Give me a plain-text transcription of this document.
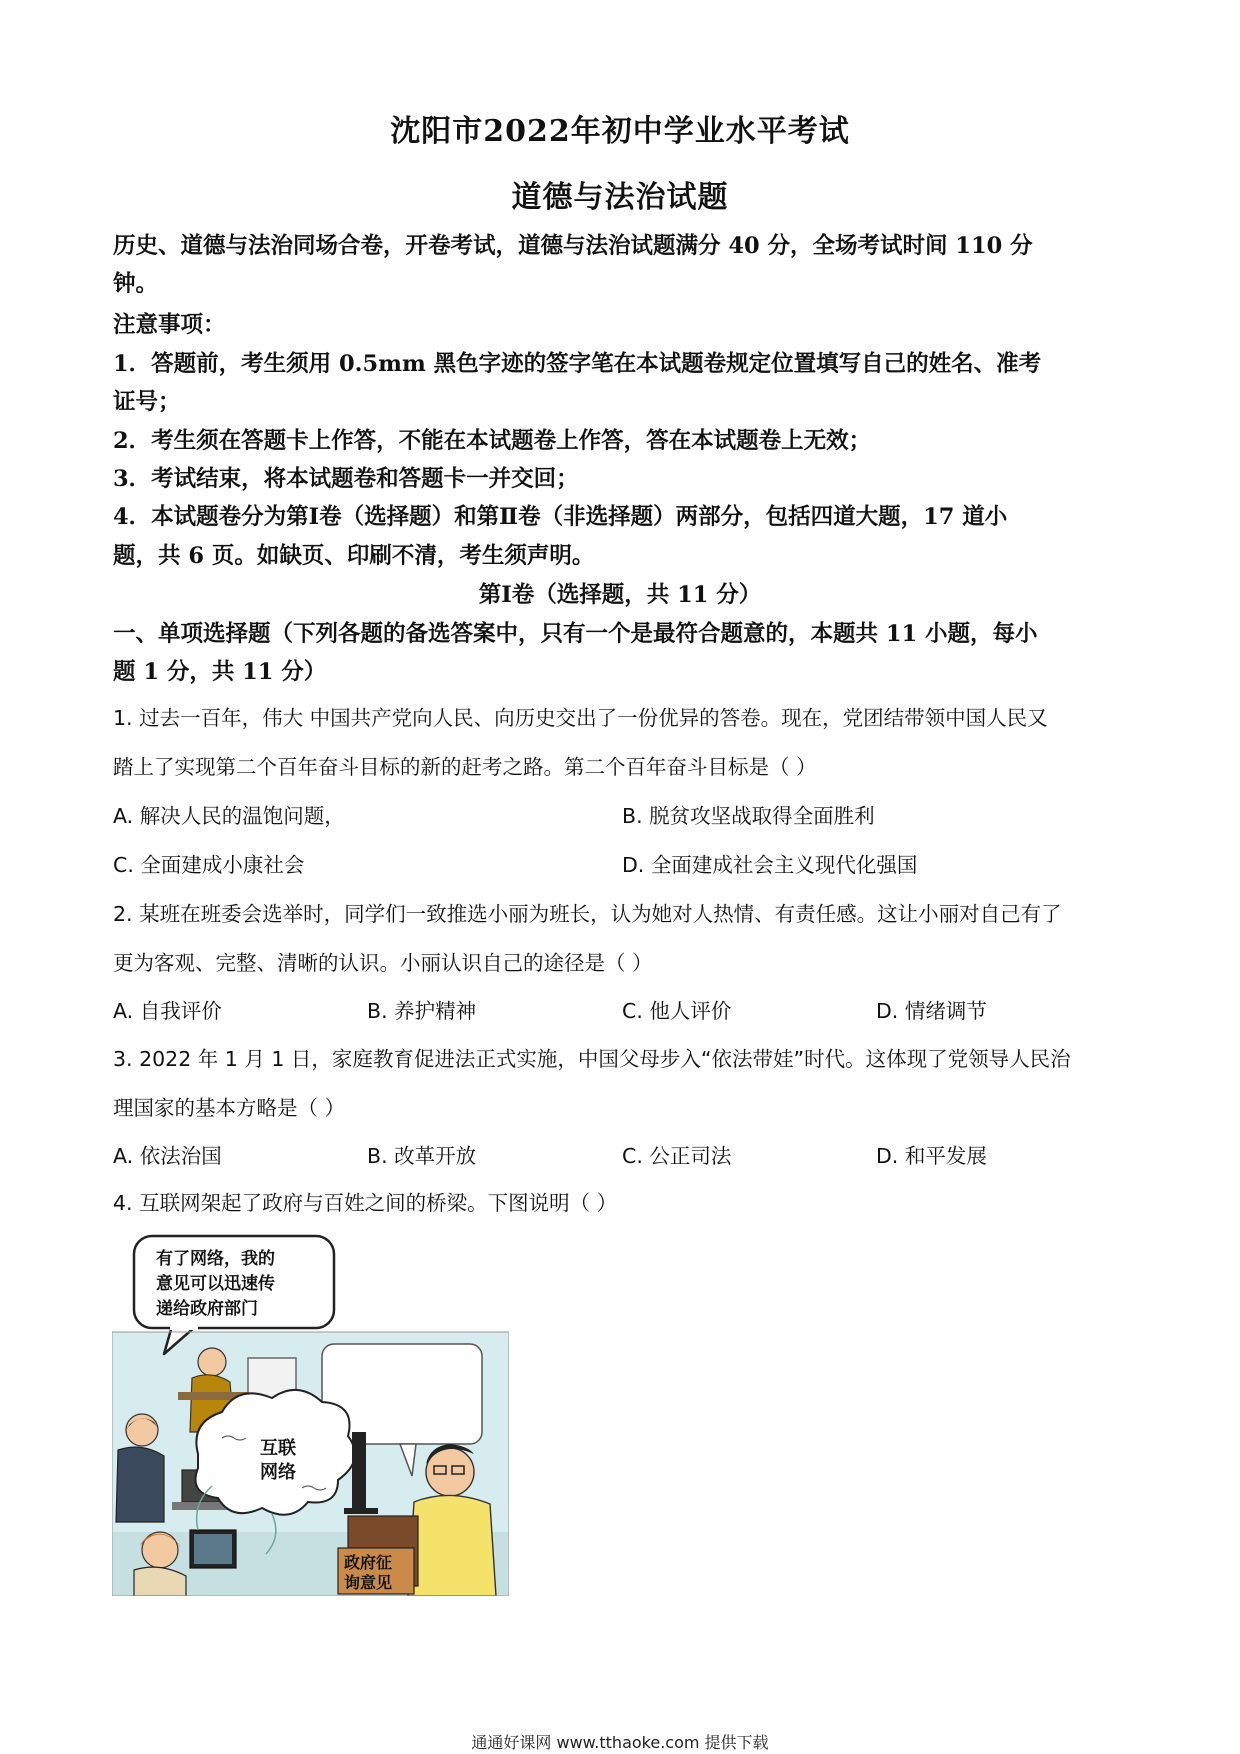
沈阳市2022年初中学业水平考试
道德与法治试题
历史、道德与法治同场合卷，开卷考试，道德与法治试题满分 40 分，全场考试时间 110 分
钟。
注意事项：
1．答题前，考生须用 0.5mm 黑色字迹的签字笔在本试题卷规定位置填写自己的姓名、准考
证号；
2．考生须在答题卡上作答，不能在本试题卷上作答，答在本试题卷上无效；
3．考试结束，将本试题卷和答题卡一并交回；
4．本试题卷分为第Ⅰ卷（选择题）和第Ⅱ卷（非选择题）两部分，包括四道大题，17 道小
题，共 6 页。如缺页、印刷不清，考生须声明。
第Ⅰ卷（选择题，共 11 分）
一、单项选择题（下列各题的备选答案中，只有一个是最符合题意的，本题共 11 小题，每小
题 1 分，共 11 分）
1. 过去一百年，伟大 中国共产党向人民、向历史交出了一份优异的答卷。现在，党团结带领中国人民又
踏上了实现第二个百年奋斗目标的新的赶考之路。第二个百年奋斗目标是（ ）
A. 解决人民的温饱问题，	B. 脱贫攻坚战取得全面胜利
C. 全面建成小康社会	D. 全面建成社会主义现代化强国
2. 某班在班委会选举时，同学们一致推选小丽为班长，认为她对人热情、有责任感。这让小丽对自己有了
更为客观、完整、清晰的认识。小丽认识自己的途径是（ ）
A. 自我评价	B. 养护精神	C. 他人评价	D. 情绪调节
3. 2022 年 1 月 1 日，家庭教育促进法正式实施，中国父母步入“依法带娃”时代。这体现了党领导人民治
理国家的基本方略是（ ）
A. 依法治国	B. 改革开放	C. 公正司法	D. 和平发展
4. 互联网架起了政府与百姓之间的桥梁。下图说明（ ）
有了网络，我的
意见可以迅速传
递给政府部门
互联
网络
政府征
询意见
通通好课网 www.tthaoke.com 提供下载
